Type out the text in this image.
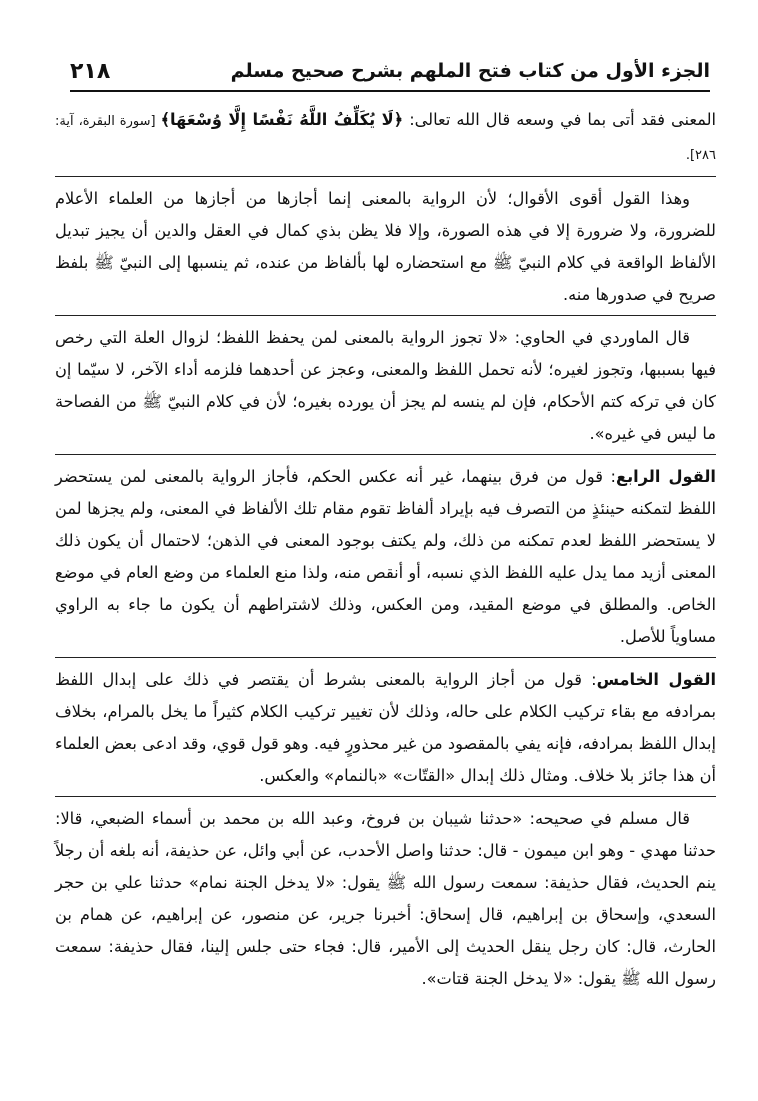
٢١٨	الجزء الأول من كتاب فتح الملهم بشرح صحيح مسلم

المعنى فقد أتى بما في وسعه قال الله تعالى: ﴿لَا يُكَلِّفُ اللَّهُ نَفْسًا إِلَّا وُسْعَهَا﴾ [سورة البقرة، آية: ٢٨٦].

وهذا القول أقوى الأقوال؛ لأن الرواية بالمعنى إنما أجازها من أجازها من العلماء الأعلام للضرورة، ولا ضرورة إلا في هذه الصورة، وإلا فلا يظن بذي كمال في العقل والدين أن يجيز تبديل الألفاظ الواقعة في كلام النبيّ ﷺ مع استحضاره لها بألفاظ من عنده، ثم ينسبها إلى النبيّ ﷺ بلفظ صريح في صدورها منه.

قال الماوردي في الحاوي: «لا تجوز الرواية بالمعنى لمن يحفظ اللفظ؛ لزوال العلة التي رخص فيها بسببها، وتجوز لغيره؛ لأنه تحمل اللفظ والمعنى، وعجز عن أحدهما فلزمه أداء الآخر، لا سيّما إن كان في تركه كتم الأحكام، فإن لم ينسه لم يجز أن يورده بغيره؛ لأن في كلام النبيّ ﷺ من الفصاحة ما ليس في غيره».

القول الرابع: قول من فرق بينهما، غير أنه عكس الحكم، فأجاز الرواية بالمعنى لمن يستحضر اللفظ لتمكنه حينئذٍ من التصرف فيه بإيراد ألفاظ تقوم مقام تلك الألفاظ في المعنى، ولم يجزها لمن لا يستحضر اللفظ لعدم تمكنه من ذلك، ولم يكتف بوجود المعنى في الذهن؛ لاحتمال أن يكون ذلك المعنى أزيد مما يدل عليه اللفظ الذي نسبه، أو أنقص منه، ولذا منع العلماء من وضع العام في موضع الخاص. والمطلق في موضع المقيد، ومن العكس، وذلك لاشتراطهم أن يكون ما جاء به الراوي مساوياً للأصل.

القول الخامس: قول من أجاز الرواية بالمعنى بشرط أن يقتصر في ذلك على إبدال اللفظ بمرادفه مع بقاء تركيب الكلام على حاله، وذلك لأن تغيير تركيب الكلام كثيراً ما يخل بالمرام، بخلاف إبدال اللفظ بمرادفه، فإنه يفي بالمقصود من غير محذورٍ فيه. وهو قول قوي، وقد ادعى بعض العلماء أن هذا جائز بلا خلاف. ومثال ذلك إبدال «القتّات» «بالنمام» والعكس.

قال مسلم في صحيحه: «حدثنا شيبان بن فروخ، وعبد الله بن محمد بن أسماء الضبعي، قالا: حدثنا مهدي - وهو ابن ميمون - قال: حدثنا واصل الأحدب، عن أبي وائل، عن حذيفة، أنه بلغه أن رجلاً ينم الحديث، فقال حذيفة: سمعت رسول الله ﷺ يقول: «لا يدخل الجنة نمام» حدثنا علي بن حجر السعدي، وإسحاق بن إبراهيم، قال إسحاق: أخبرنا جرير، عن منصور، عن إبراهيم، عن همام بن الحارث، قال: كان رجل ينقل الحديث إلى الأمير، قال: فجاء حتى جلس إلينا، فقال حذيفة: سمعت رسول الله ﷺ يقول: «لا يدخل الجنة قتات».
